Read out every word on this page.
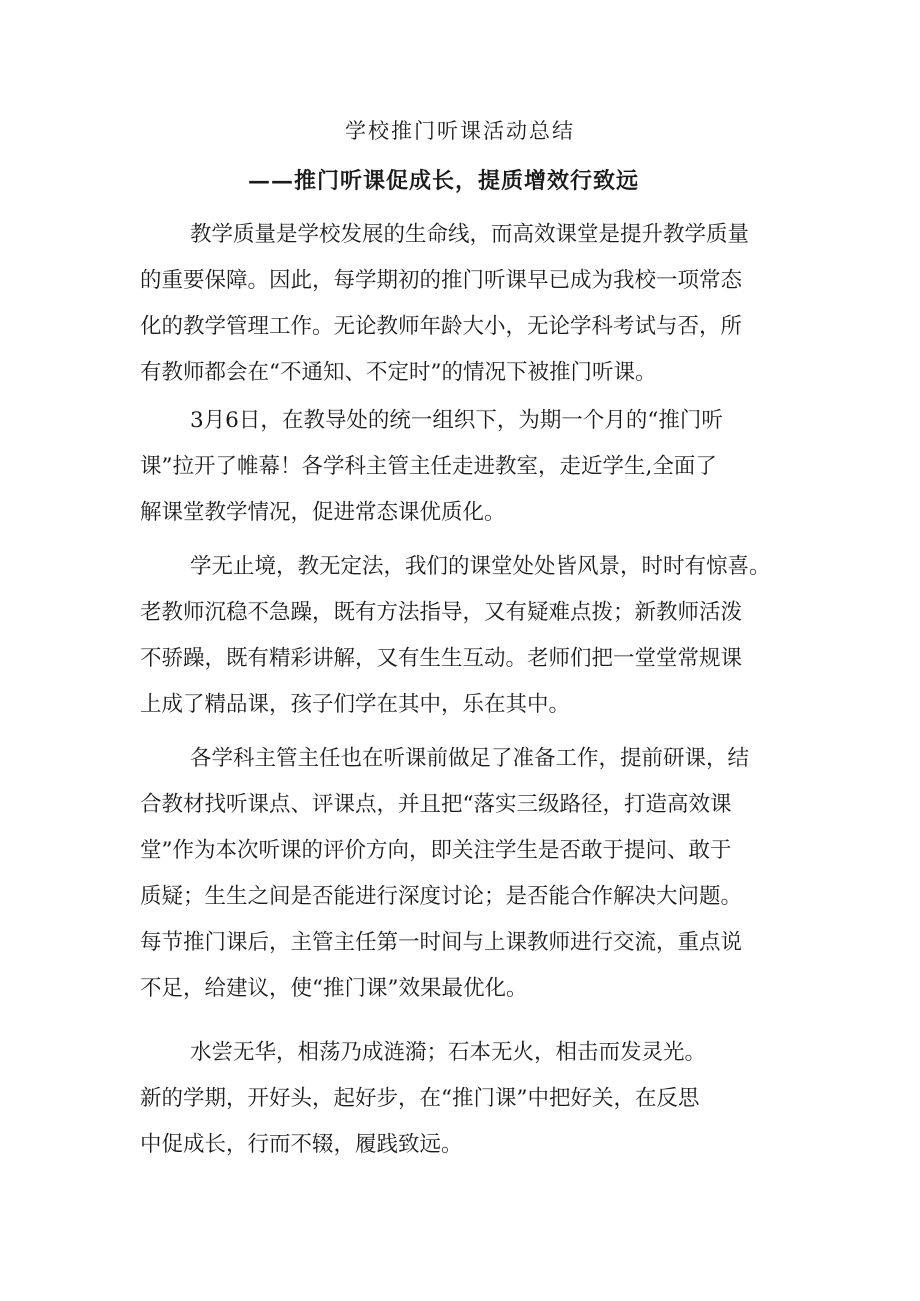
学校推门听课活动总结
——推门听课促成长，提质增效行致远
教学质量是学校发展的生命线，而高效课堂是提升教学质量
的重要保障。因此，每学期初的推门听课早已成为我校一项常态
化的教学管理工作。无论教师年龄大小，无论学科考试与否，所
有教师都会在“不通知、不定时”的情况下被推门听课。
3月6日，在教导处的统一组织下，为期一个月的“推门听
课”拉开了帷幕！各学科主管主任走进教室，走近学生,全面了
解课堂教学情况，促进常态课优质化。
学无止境，教无定法，我们的课堂处处皆风景，时时有惊喜。
老教师沉稳不急躁，既有方法指导，又有疑难点拨；新教师活泼
不骄躁，既有精彩讲解，又有生生互动。老师们把一堂堂常规课
上成了精品课，孩子们学在其中，乐在其中。
各学科主管主任也在听课前做足了准备工作，提前研课，结
合教材找听课点、评课点，并且把“落实三级路径，打造高效课
堂”作为本次听课的评价方向，即关注学生是否敢于提问、敢于
质疑；生生之间是否能进行深度讨论；是否能合作解决大问题。
每节推门课后，主管主任第一时间与上课教师进行交流，重点说
不足，给建议，使“推门课”效果最优化。
水尝无华，相荡乃成涟漪；石本无火，相击而发灵光。
新的学期，开好头，起好步，在“推门课”中把好关，在反思
中促成长，行而不辍，履践致远。
